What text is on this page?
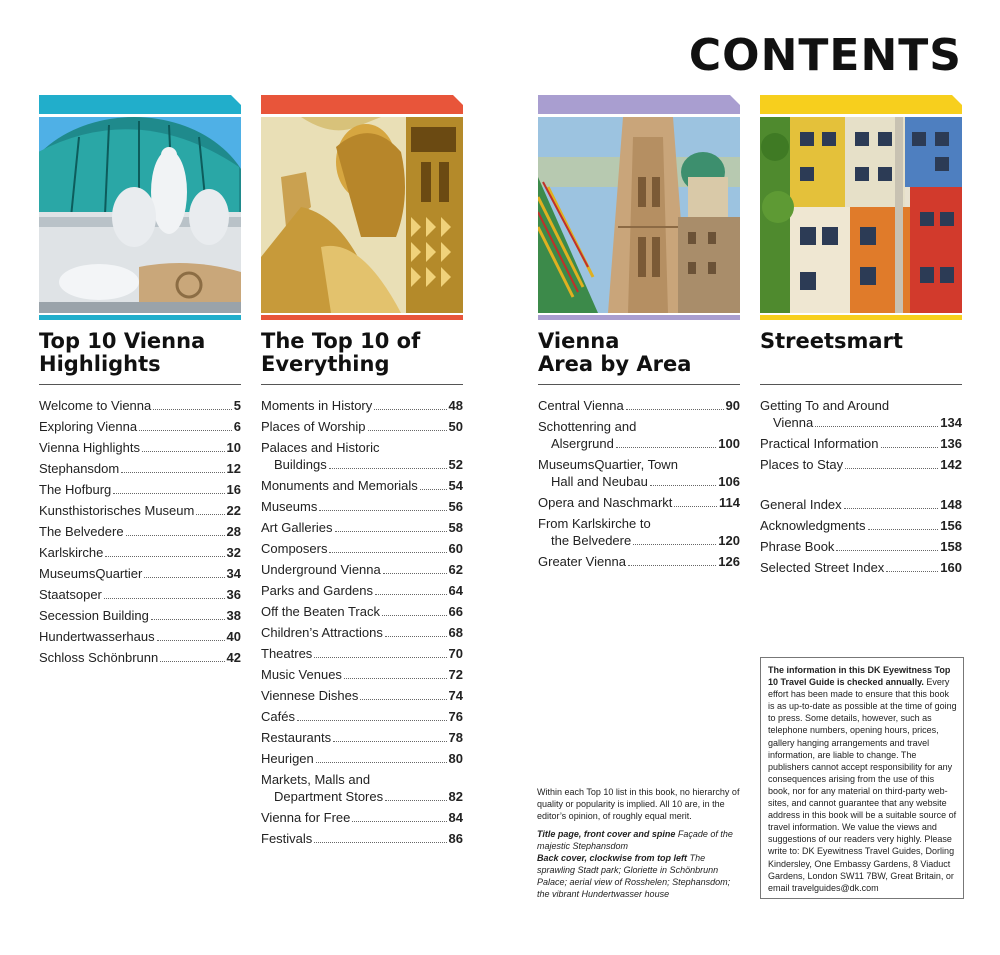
CONTENTS
Top 10 Vienna
Highlights
Welcome to Vienna	5
Exploring Vienna	6
Vienna Highlights	10
Stephansdom	12
The Hofburg	16
Kunsthistorisches Museum 22
The Belvedere	28
Karlskirche	32
MuseumsQuartier	34
Staatsoper	36
Secession Building	38
Hundertwasserhaus	40
Schloss Schönbrunn	42
The Top 10 of
Everything
Moments in History	48
Places of Worship	50
Palaces and Historic
Buildings	52
Monuments and Memorials 54
Museums	56
Art Galleries	58
Composers	60
Underground Vienna	62
Parks and Gardens	64
Off the Beaten Track	66
Children’s Attractions	68
Theatres	70
Music Venues	72
Viennese Dishes	74
Cafés	76
Restaurants	78
Heurigen	80
Markets, Malls and
Department Stores	82
Vienna for Free	84
Festivals	86
Vienna
Area by Area
Central Vienna	90
Schottenring and
Alsergrund	100
MuseumsQuartier, Town
Hall and Neubau	106
Opera and Naschmarkt	114
From Karlskirche to
the Belvedere	120
Greater Vienna	126
Streetsmart
Getting To and Around
Vienna	134
Practical Information	136
Places to Stay	142
General Index	148
Acknowledgments	156
Phrase Book	158
Selected Street Index	160

Within each Top 10 list in this book, no hierarchy of quality or popularity is implied. All 10 are, in the editor’s opinion, of roughly equal merit.

Title page, front cover and spine Façade of the majestic Stephansdom

Back cover, clockwise from top left The sprawling Stadt park; Gloriette in Schönbrunn Palace; aerial view of Rosshelen; Stephansdom; the vibrant Hundertwasser house

The information in this DK Eyewitness Top 10 Travel Guide is checked annually. Every effort has been made to ensure that this book is as up-to-date as possible at the time of going to press. Some details, however, such as telephone numbers, opening hours, prices, gallery hanging arrangements and travel information, are liable to change. The publishers cannot accept responsibility for any consequences arising from the use of this book, nor for any material on third-party web-sites, and cannot guarantee that any website address in this book will be a suitable source of travel information. We value the views and suggestions of our readers very highly. Please write to: DK Eyewitness Travel Guides, Dorling Kindersley, One Embassy Gardens, 8 Viaduct Gardens, London SW11 7BW, Great Britain, or email travelguides@dk.com
